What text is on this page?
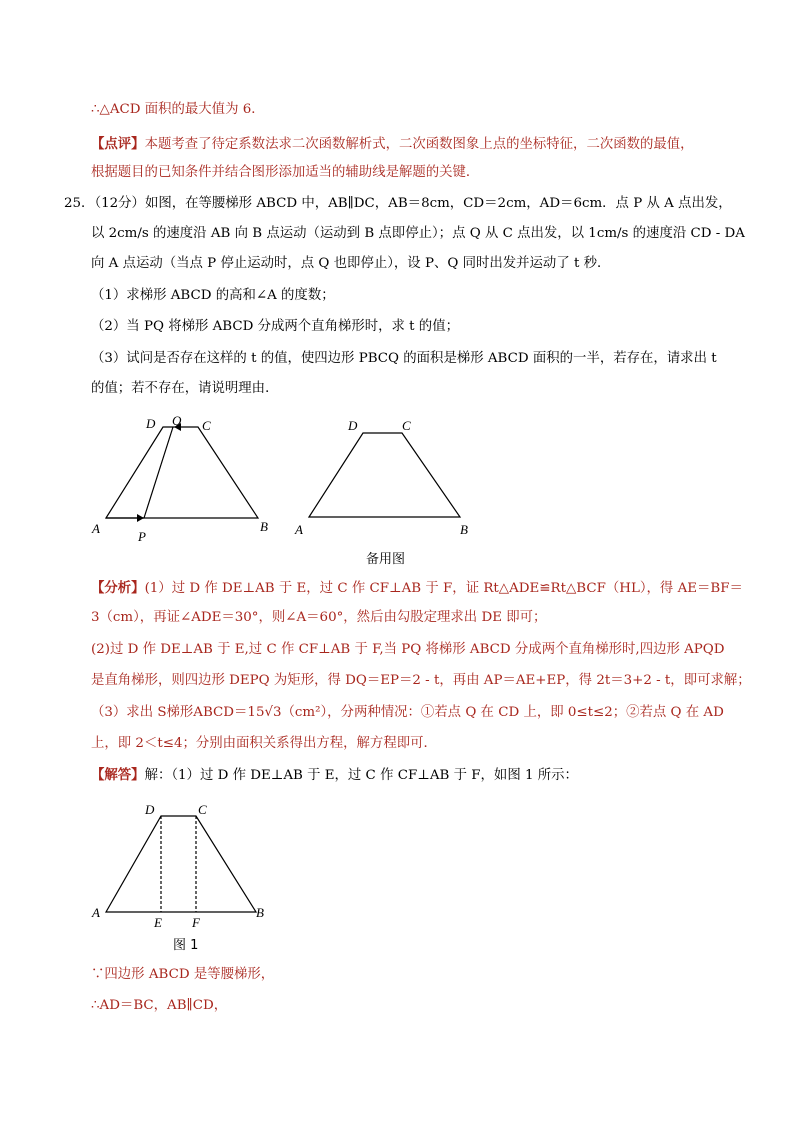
∴△ACD 面积的最大值为 6．
【点评】本题考查了待定系数法求二次函数解析式，二次函数图象上点的坐标特征，二次函数的最值，
根据题目的已知条件并结合图形添加适当的辅助线是解题的关键．
25．（12分）如图，在等腰梯形 ABCD 中，AB∥DC，AB＝8cm，CD＝2cm，AD＝6cm．点 P 从 A 点出发，
以 2cm/s 的速度沿 AB 向 B 点运动（运动到 B 点即停止）；点 Q 从 C 点出发，以 1cm/s 的速度沿 CD - DA
向 A 点运动（当点 P 停止运动时，点 Q 也即停止），设 P、Q 同时出发并运动了 t 秒．
（1）求梯形 ABCD 的高和∠A 的度数；
（2）当 PQ 将梯形 ABCD 分成两个直角梯形时，求 t 的值；
（3）试问是否存在这样的 t 的值，使四边形 PBCQ 的面积是梯形 ABCD 面积的一半，若存在，请求出 t
的值；若不存在，请说明理由．
D Q C
A
P
B
D	C
A	B
备用图
【分析】(1）过 D 作 DE⊥AB 于 E，过 C 作 CF⊥AB 于 F，证 Rt△ADE≌Rt△BCF（HL），得 AE＝BF＝
3（cm），再证∠ADE＝30°，则∠A＝60°，然后由勾股定理求出 DE 即可；
(2)过 D 作 DE⊥AB 于 E,过 C 作 CF⊥AB 于 F,当 PQ 将梯形 ABCD 分成两个直角梯形时,四边形 APQD
是直角梯形，则四边形 DEPQ 为矩形，得 DQ＝EP＝2 - t，再由 AP＝AE+EP，得 2t＝3+2 - t，即可求解；
（3）求出 S梯形ABCD＝15√3（cm²），分两种情况：①若点 Q 在 CD 上，即 0≤t≤2；②若点 Q 在 AD
上，即 2＜t≤4；分别由面积关系得出方程，解方程即可．
【解答】解：（1）过 D 作 DE⊥AB 于 E，过 C 作 CF⊥AB 于 F，如图 1 所示：
D	C
A
E F
B
图 1
∵四边形 ABCD 是等腰梯形，
∴AD＝BC，AB∥CD，
